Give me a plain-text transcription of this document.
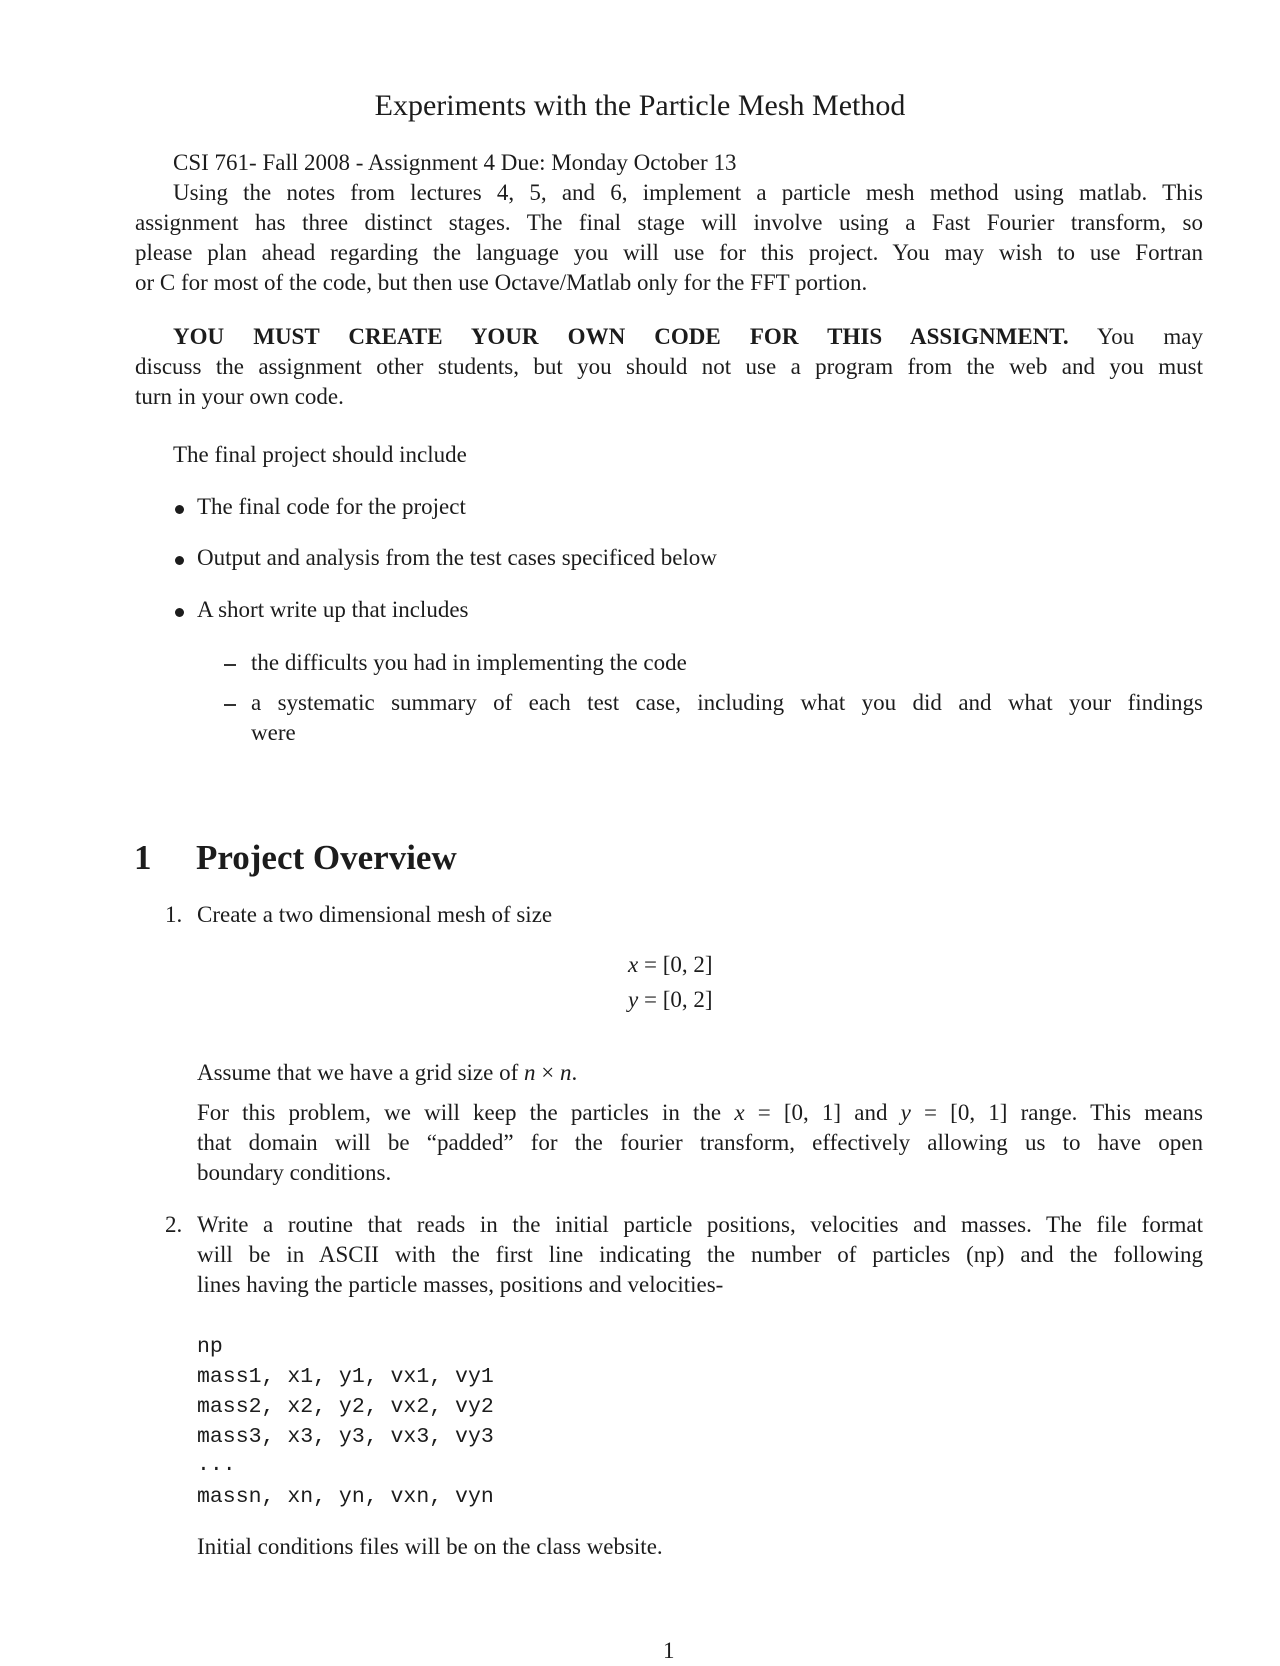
Experiments with the Particle Mesh Method
CSI 761- Fall 2008 - Assignment 4 Due: Monday October 13
Using the notes from lectures 4, 5, and 6, implement a particle mesh method using matlab. This
assignment has three distinct stages. The final stage will involve using a Fast Fourier transform, so
please plan ahead regarding the language you will use for this project. You may wish to use Fortran
or C for most of the code, but then use Octave/Matlab only for the FFT portion.
YOU MUST CREATE YOUR OWN CODE FOR THIS ASSIGNMENT. You may
discuss the assignment other students, but you should not use a program from the web and you must
turn in your own code.
The final project should include
The final code for the project
Output and analysis from the test cases specificed below
A short write up that includes
the difficults you had in implementing the code
a systematic summary of each test case, including what you did and what your findings
were
1 Project Overview
1. Create a two dimensional mesh of size
x = [0, 2]
y = [0, 2]
Assume that we have a grid size of n × n.
For this problem, we will keep the particles in the x = [0, 1] and y = [0, 1] range. This means
that domain will be “padded” for the fourier transform, effectively allowing us to have open
boundary conditions.
2. Write a routine that reads in the initial particle positions, velocities and masses. The file format
will be in ASCII with the first line indicating the number of particles (np) and the following
lines having the particle masses, positions and velocities-
np
mass1, x1, y1, vx1, vy1
mass2, x2, y2, vx2, vy2
mass3, x3, y3, vx3, vy3
...
massn, xn, yn, vxn, vyn
Initial conditions files will be on the class website.
1
